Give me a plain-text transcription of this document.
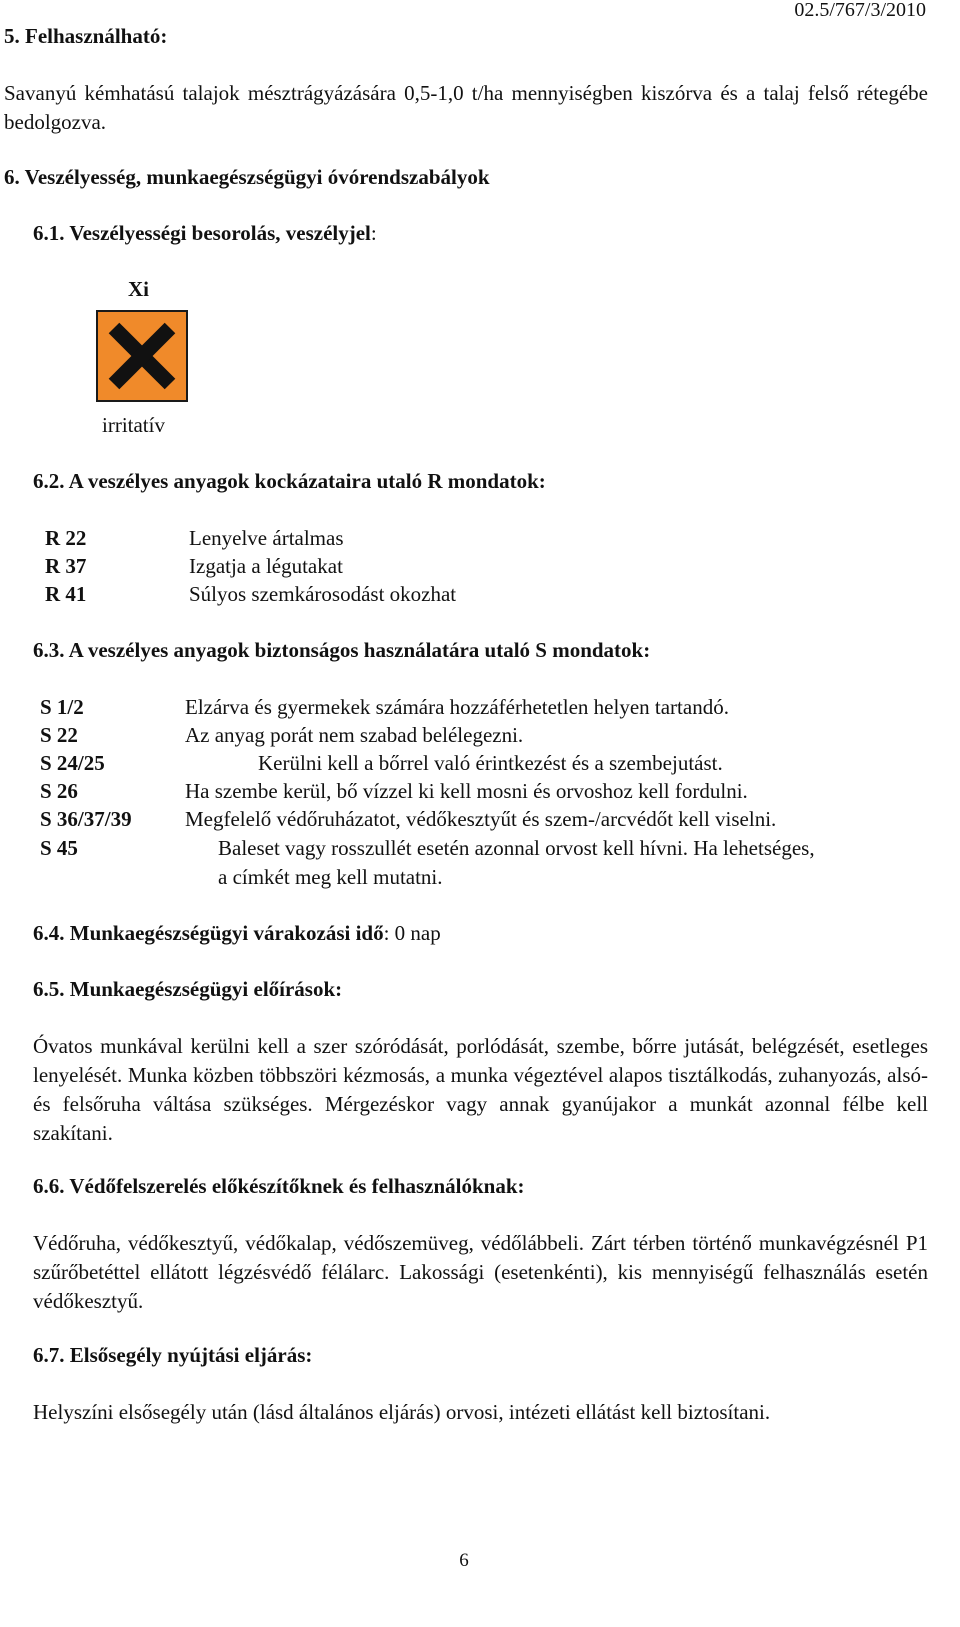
5. Felhasználható:
02.5/767/3/2010
Savanyú kémhatású talajok mésztrágyázására 0,5-1,0 t/ha mennyiségben kiszórva és a talaj felső rétegébe bedolgozva.
6. Veszélyesség, munkaegészségügyi óvórendszabályok
6.1. Veszélyességi besorolás, veszélyjel:
Xi
irritatív
6.2. A veszélyes anyagok kockázataira utaló R mondatok:
R 22	Lenyelve ártalmas
R 37	Izgatja a légutakat
R 41	Súlyos szemkárosodást okozhat
6.3. A veszélyes anyagok biztonságos használatára utaló S mondatok:
S 1/2	Elzárva és gyermekek számára hozzáférhetetlen helyen tartandó.
S 22	Az anyag porát nem szabad belélegezni.
S 24/25	Kerülni kell a bőrrel való érintkezést és a szembejutást.
S 26	Ha szembe kerül, bő vízzel ki kell mosni és orvoshoz kell fordulni.
S 36/37/39	Megfelelő védőruházatot, védőkesztyűt és szem-/arcvédőt kell viselni.
S 45	Baleset vagy rosszullét esetén azonnal orvost kell hívni. Ha lehetséges,
a címkét meg kell mutatni.
6.4. Munkaegészségügyi várakozási idő: 0 nap
6.5. Munkaegészségügyi előírások:
Óvatos munkával kerülni kell a szer szóródását, porlódását, szembe, bőrre jutását, belégzését, esetleges lenyelését. Munka közben többszöri kézmosás, a munka végeztével alapos tisztálkodás, zuhanyozás, alsó- és felsőruha váltása szükséges. Mérgezéskor vagy annak gyanújakor a munkát azonnal félbe kell szakítani.
6.6. Védőfelszerelés előkészítőknek és felhasználóknak:
Védőruha, védőkesztyű, védőkalap, védőszemüveg, védőlábbeli. Zárt térben történő munkavégzésnél P1 szűrőbetéttel ellátott légzésvédő félálarc. Lakossági (esetenkénti), kis mennyiségű felhasználás esetén védőkesztyű.
6.7. Elsősegély nyújtási eljárás:
Helyszíni elsősegély után (lásd általános eljárás) orvosi, intézeti ellátást kell biztosítani.
6
